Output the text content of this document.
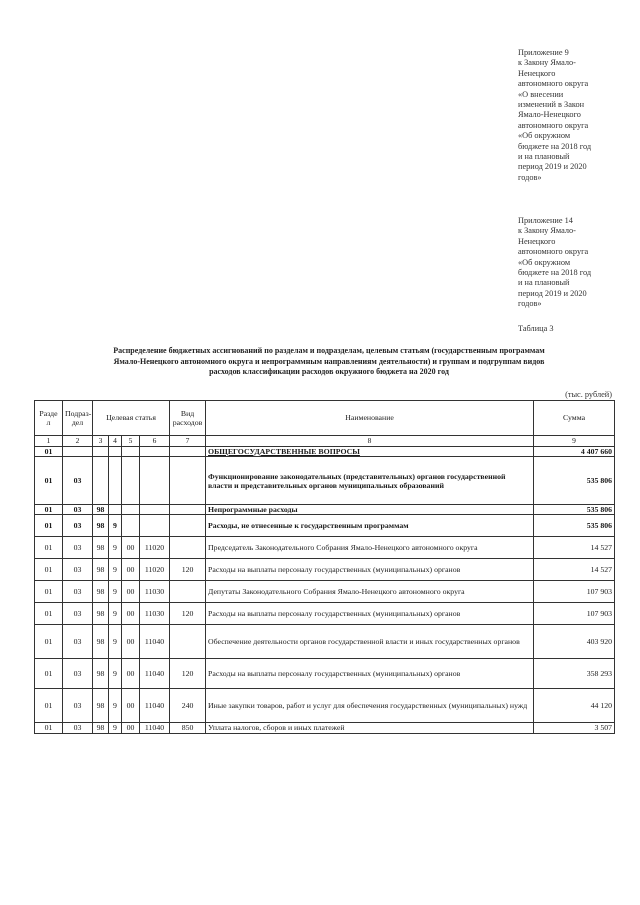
Приложение 9
к Закону Ямало-
Ненецкого
автономного округа
«О внесении
изменений в Закон
Ямало-Ненецкого
автономного округа
«Об окружном
бюджете на 2018 год
и на плановый
период 2019 и 2020
годов»
Приложение 14
к Закону Ямало-
Ненецкого
автономного округа
«Об окружном
бюджете на 2018 год
и на плановый
период 2019 и 2020
годов»
Таблица 3
Распределение бюджетных ассигнований по разделам и подразделам, целевым статьям (государственным программам
Ямало-Ненецкого автономного округа и непрограммным направлениям деятельности) и группам и подгруппам видов
расходов классификации расходов окружного бюджета на 2020 год
(тыс. рублей)
Разде л	Подраз- дел	Целевая статья				Вид расходов	Наименование	Сумма
1	2	3	4	5	6	7	8	9
01							ОБЩЕГОСУДАРСТВЕННЫЕ ВОПРОСЫ	4 407 660
01	03						Функционирование законодательных (представительных) органов государственной власти и представительных органов муниципальных образований	535 806
01	03	98					Непрограммные расходы	535 806
01	03	98	9				Расходы, не отнесенные к государственным программам	535 806
01	03	98	9	00	11020		Председатель Законодательного Собрания Ямало-Ненецкого автономного округа	14 527
01	03	98	9	00	11020	120	Расходы на выплаты персоналу государственных (муниципальных) органов	14 527
01	03	98	9	00	11030		Депутаты Законодательного Собрания Ямало-Ненецкого автономного округа	107 903
01	03	98	9	00	11030	120	Расходы на выплаты персоналу государственных (муниципальных) органов	107 903
01	03	98	9	00	11040		Обеспечение деятельности органов государственной власти и иных государственных органов	403 920
01	03	98	9	00	11040	120	Расходы на выплаты персоналу государственных (муниципальных) органов	358 293
01	03	98	9	00	11040	240	Иные закупки товаров, работ и услуг для обеспечения государственных (муниципальных) нужд	44 120
01	03	98	9	00	11040	850	Уплата налогов, сборов и иных платежей	3 507
